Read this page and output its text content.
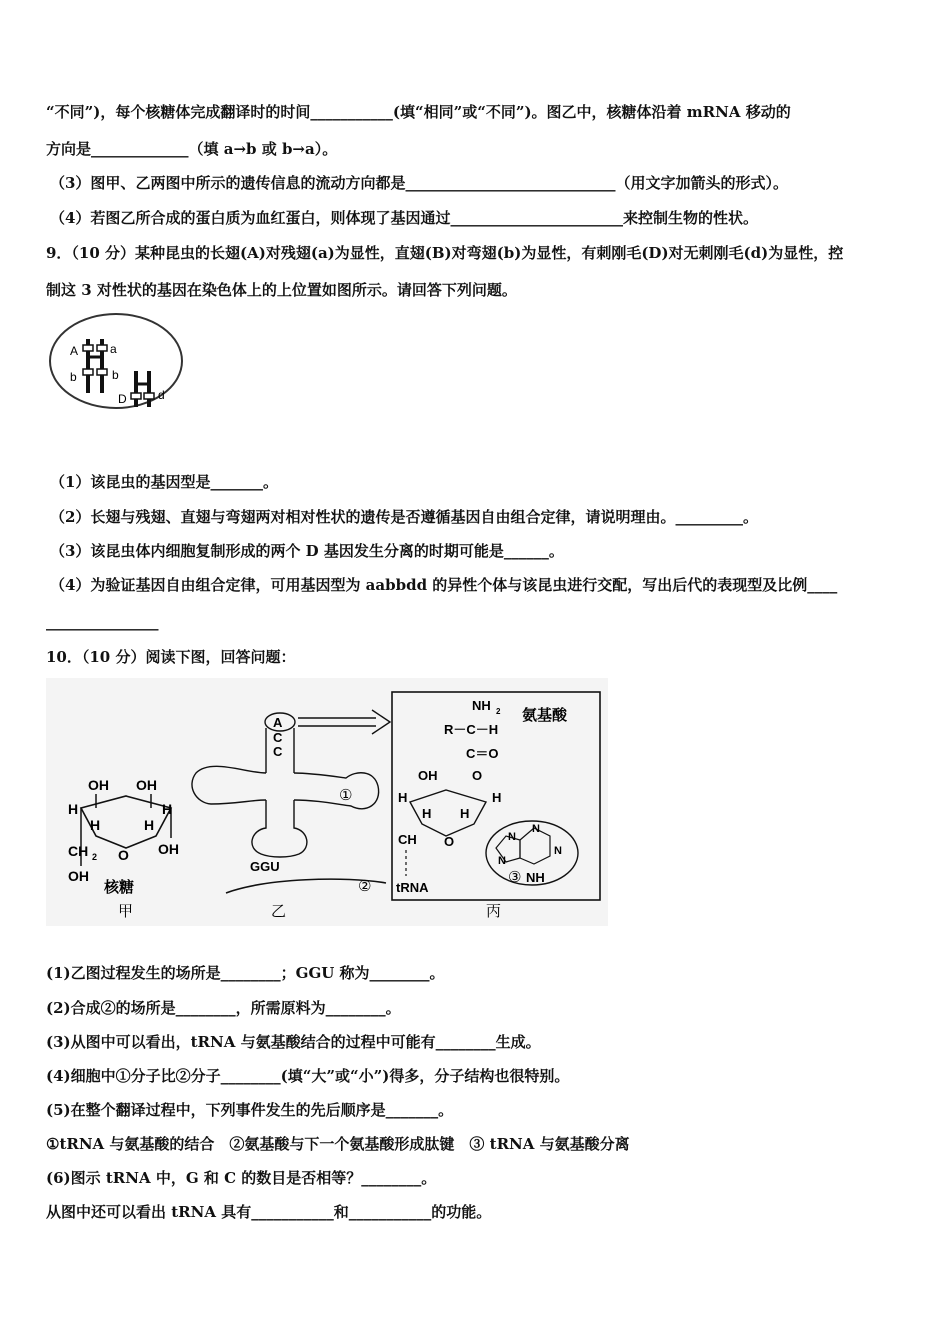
“不同”)，每个核糖体完成翻译时的时间___________(填“相同”或“不同”)。图乙中，核糖体沿着 mRNA 移动的
方向是_____________（填 a→b 或 b→a）。
（3）图甲、乙两图中所示的遗传信息的流动方向都是____________________________（用文字加箭头的形式）。
（4）若图乙所合成的蛋白质为血红蛋白，则体现了基因通过_______________________来控制生物的性状。
9．（10 分）某种昆虫的长翅(A)对残翅(a)为显性，直翅(B)对弯翅(b)为显性，有刺刚毛(D)对无刺刚毛(d)为显性，控
制这 3 对性状的基因在染色体上的上位置如图所示。请回答下列问题。
A	a
b	b
D	d
（1）该昆虫的基因型是_______。
（2）长翅与残翅、直翅与弯翅两对相对性状的遗传是否遵循基因自由组合定律，请说明理由。_________。
（3）该昆虫体内细胞复制形成的两个 D 基因发生分离的时期可能是______。
（4）为验证基因自由组合定律，可用基因型为 aabbdd 的异性个体与该昆虫进行交配，写出后代的表现型及比例____
_______________
10．（10 分）阅读下图，回答问题：
OH OH
H
H	H
H
CH 2 O
OH
OH
核糖
甲
A
C
C
①
GGU
②
乙
NH 2 氨基酸
R－C－H
C＝O
O
OH
H
H H
H
CH O
tRNA
N
N
N
N
③ NH
丙
(1)乙图过程发生的场所是________；GGU 称为________。
(2)合成②的场所是________，所需原料为________。
(3)从图中可以看出，tRNA 与氨基酸结合的过程中可能有________生成。
(4)细胞中①分子比②分子________(填“大”或“小”)得多，分子结构也很特别。
(5)在整个翻译过程中，下列事件发生的先后顺序是_______。
①tRNA 与氨基酸的结合　②氨基酸与下一个氨基酸形成肽键　③ tRNA 与氨基酸分离
(6)图示 tRNA 中，G 和 C 的数目是否相等？________。
从图中还可以看出 tRNA 具有___________和___________的功能。
